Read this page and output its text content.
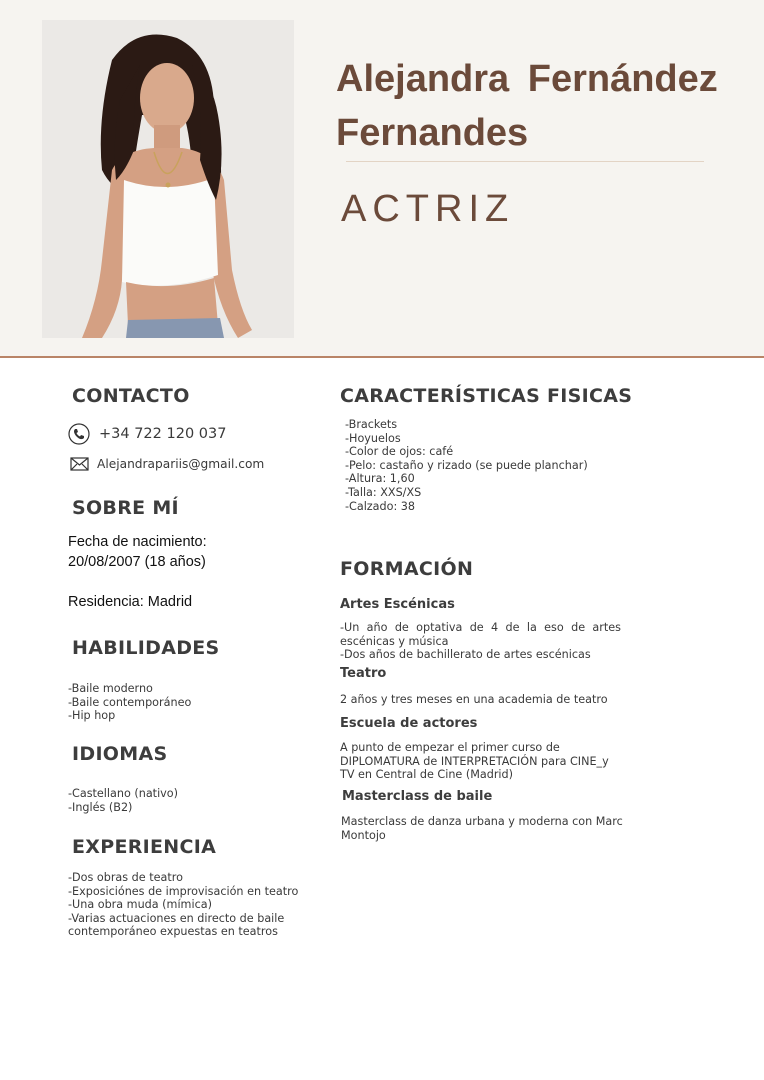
Alejandra Fernández
Fernandes
ACTRIZ
CONTACTO
+34 722 120 037
Alejandrapariis@gmail.com
SOBRE MÍ

Fecha de nacimiento:

20/08/2007 (18 años)

Residencia: Madrid

HABILIDADES
-Baile moderno
-Baile contemporáneo
-Hip hop
IDIOMAS
-Castellano (nativo)
-Inglés (B2)
EXPERIENCIA
-Dos obras de teatro
-Exposiciónes de improvisación en teatro
-Una obra muda (mímica)
-Varias actuaciones en directo de baile
contemporáneo expuestas en teatros
CARACTERÍSTICAS FISICAS
-Brackets
-Hoyuelos
-Color de ojos: café
-Pelo: castaño y rizado (se puede planchar)
-Altura: 1,60
-Talla: XXS/XS
-Calzado: 38
FORMACIÓN
Artes Escénicas
-Un año de optativa de 4 de la eso de artes escénicas y música
-Dos años de bachillerato de artes escénicas
Teatro
2 años y tres meses en una academia de teatro
Escuela de actores
A punto de empezar el primer curso de
DIPLOMATURA de INTERPRETACIÓN para CINE_y
TV en Central de Cine (Madrid)
Masterclass de baile
Masterclass de danza urbana y moderna con Marc
Montojo
